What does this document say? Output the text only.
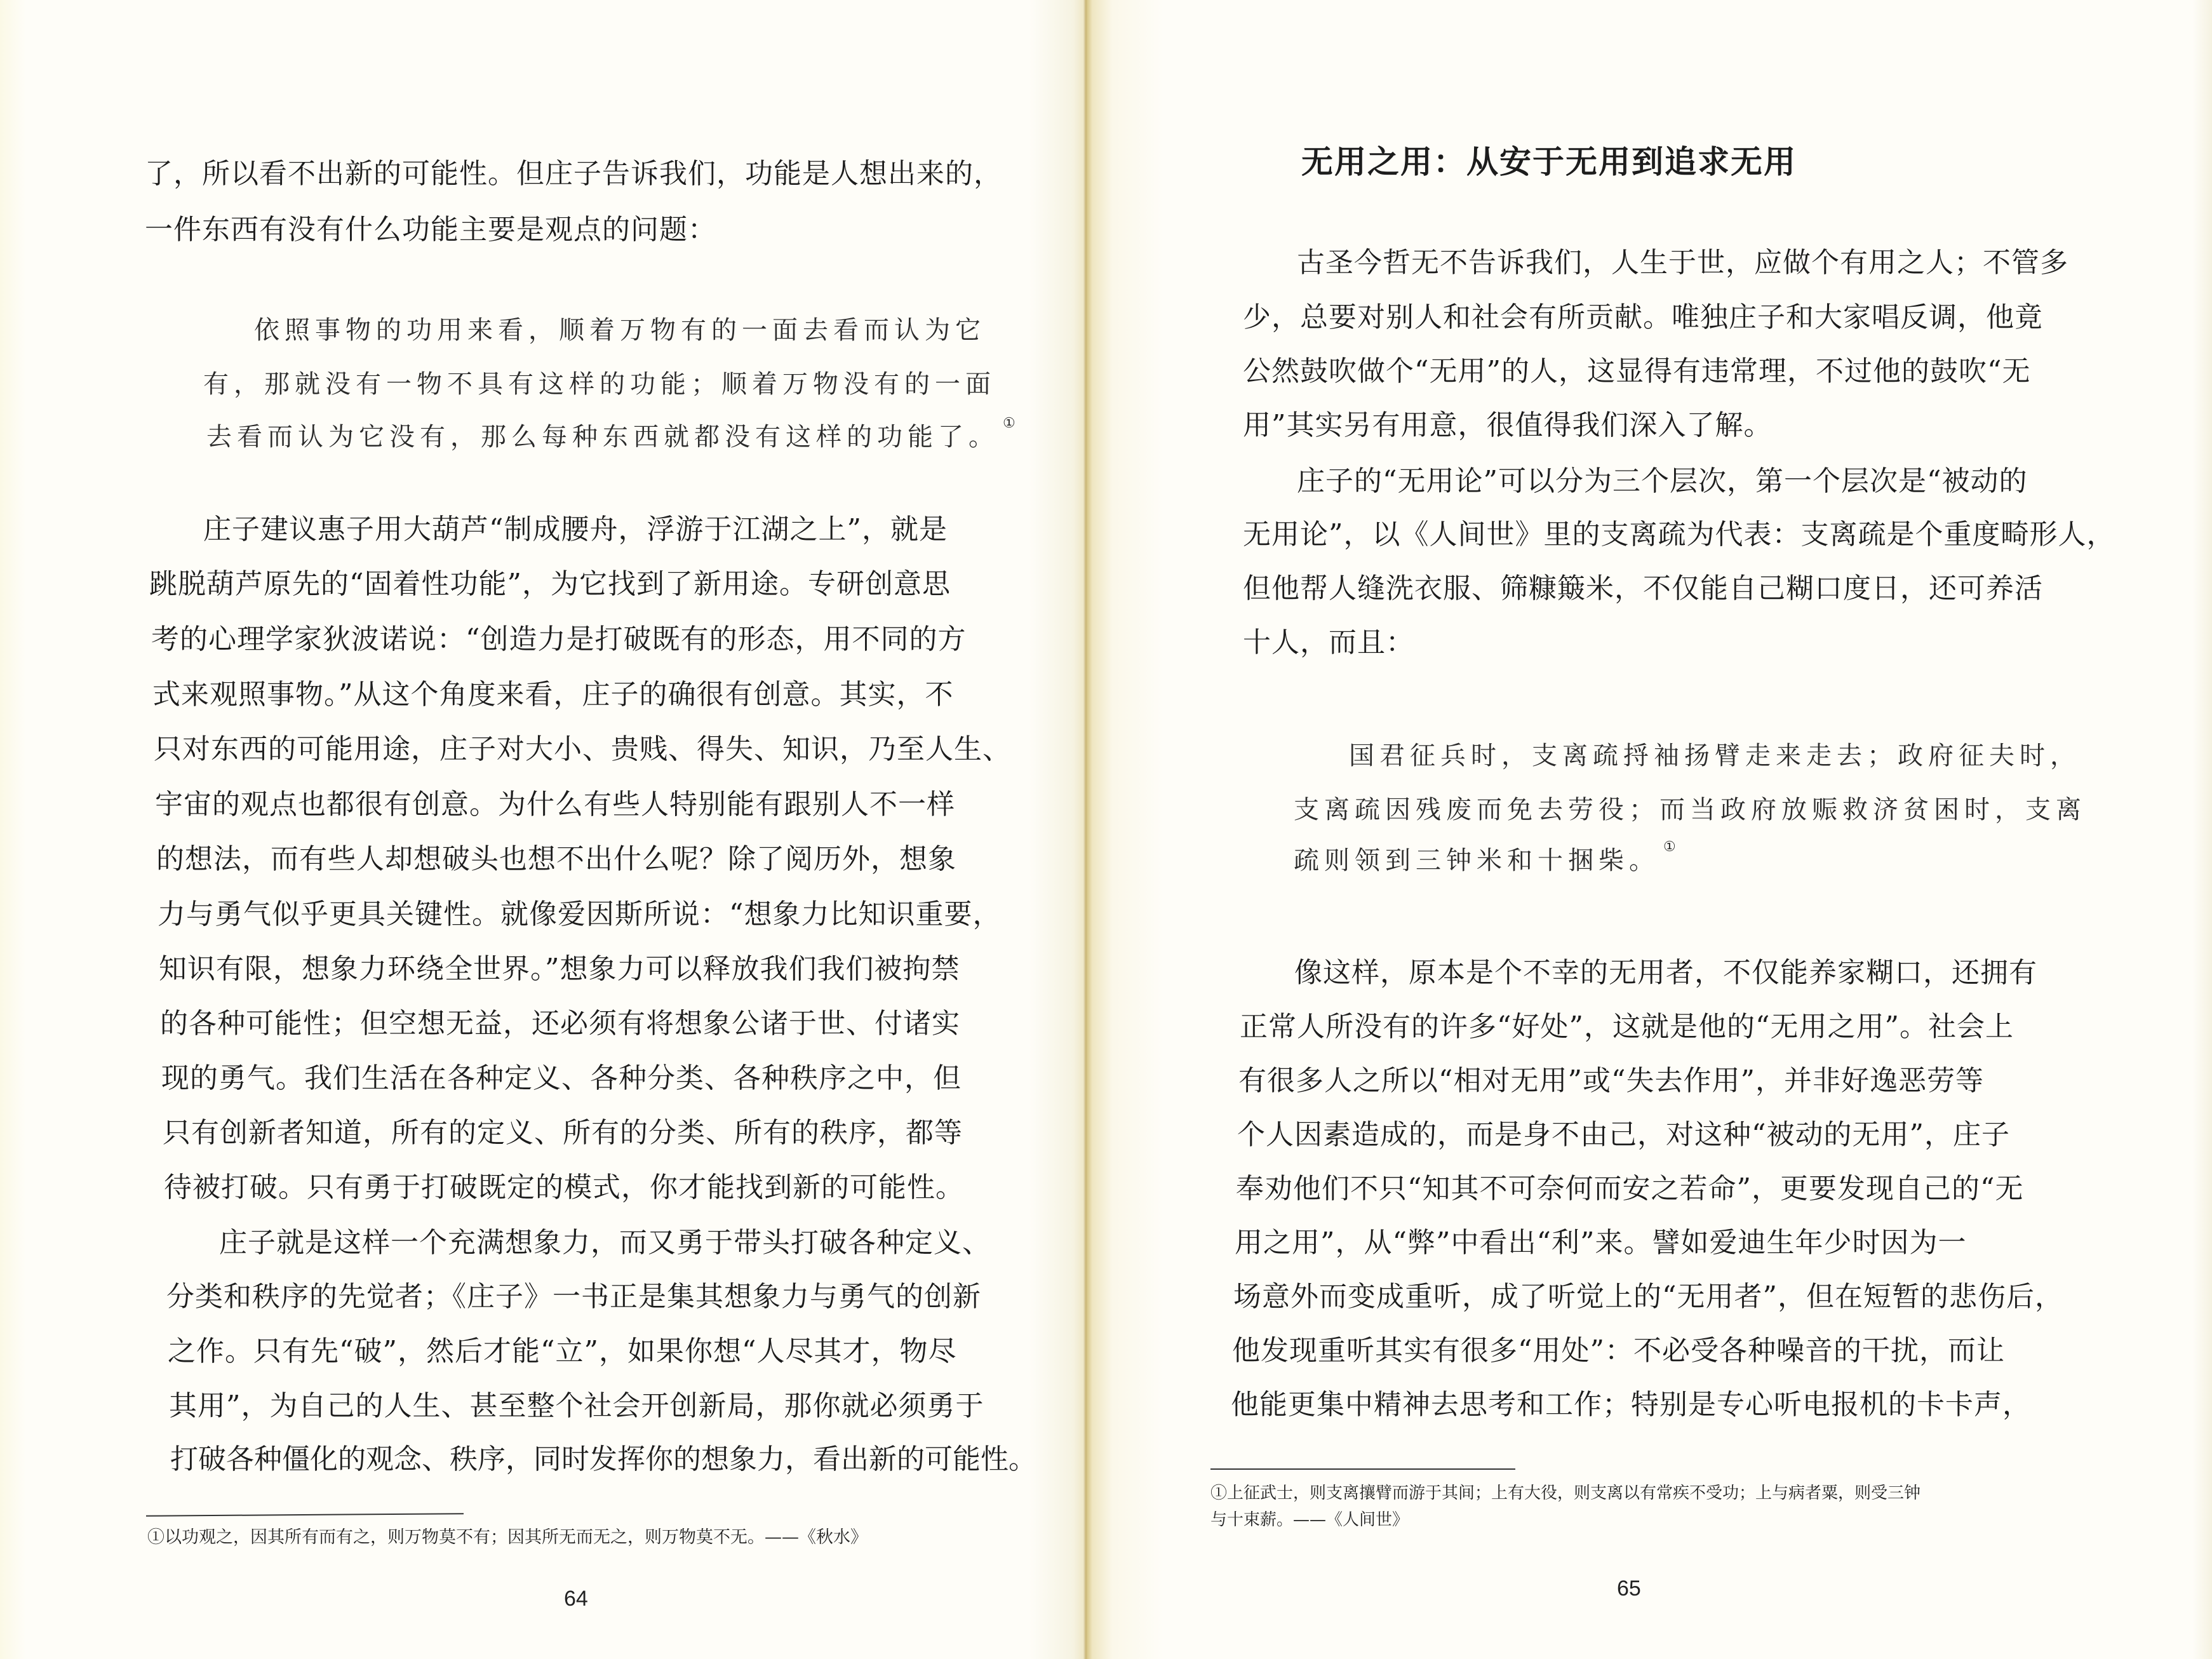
了，所以看不出新的可能性。但庄子告诉我们，功能是人想出来的，
一件东西有没有什么功能主要是观点的问题：
依照事物的功用来看，顺着万物有的一面去看而认为它
有，那就没有一物不具有这样的功能；顺着万物没有的一面
去看而认为它没有，那么每种东西就都没有这样的功能了。 ①
庄子建议惠子用大葫芦“制成腰舟，浮游于江湖之上”，就是
跳脱葫芦原先的“固着性功能”，为它找到了新用途。专研创意思
考的心理学家狄波诺说：“创造力是打破既有的形态，用不同的方
式来观照事物。”从这个角度来看，庄子的确很有创意。其实，不
只对东西的可能用途，庄子对大小、贵贱、得失、知识，乃至人生、
宇宙的观点也都很有创意。为什么有些人特别能有跟别人不一样
的想法，而有些人却想破头也想不出什么呢？除了阅历外，想象
力与勇气似乎更具关键性。就像爱因斯所说：“想象力比知识重要，
知识有限，想象力环绕全世界。”想象力可以释放我们我们被拘禁
的各种可能性；但空想无益，还必须有将想象公诸于世、付诸实
现的勇气。我们生活在各种定义、各种分类、各种秩序之中，但
只有创新者知道，所有的定义、所有的分类、所有的秩序，都等
待被打破。只有勇于打破既定的模式，你才能找到新的可能性。
庄子就是这样一个充满想象力，而又勇于带头打破各种定义、
分类和秩序的先觉者；《庄子》一书正是集其想象力与勇气的创新
之作。只有先“破”，然后才能“立”，如果你想“人尽其才，物尽
其用”，为自己的人生、甚至整个社会开创新局，那你就必须勇于
打破各种僵化的观念、秩序，同时发挥你的想象力，看出新的可能性。
①以功观之，因其所有而有之，则万物莫不有；因其所无而无之，则万物莫不无。——《秋水》
64
无用之用：从安于无用到追求无用
古圣今哲无不告诉我们，人生于世，应做个有用之人；不管多
少，总要对别人和社会有所贡献。唯独庄子和大家唱反调，他竟
公然鼓吹做个“无用”的人，这显得有违常理，不过他的鼓吹“无
用”其实另有用意，很值得我们深入了解。
庄子的“无用论”可以分为三个层次，第一个层次是“被动的
无用论”，以《人间世》里的支离疏为代表：支离疏是个重度畸形人，
但他帮人缝洗衣服、筛糠簸米，不仅能自己糊口度日，还可养活
十人，而且：
国君征兵时，支离疏捋袖扬臂走来走去；政府征夫时，
支离疏因残废而免去劳役；而当政府放赈救济贫困时，支离
疏则领到三钟米和十捆柴。 ①
像这样，原本是个不幸的无用者，不仅能养家糊口，还拥有
正常人所没有的许多“好处”，这就是他的“无用之用”。社会上
有很多人之所以“相对无用”或“失去作用”，并非好逸恶劳等
个人因素造成的，而是身不由己，对这种“被动的无用”，庄子
奉劝他们不只“知其不可奈何而安之若命”，更要发现自己的“无
用之用”，从“弊”中看出“利”来。譬如爱迪生年少时因为一
场意外而变成重听，成了听觉上的“无用者”，但在短暂的悲伤后，
他发现重听其实有很多“用处”：不必受各种噪音的干扰，而让
他能更集中精神去思考和工作；特别是专心听电报机的卡卡声，
①上征武士，则支离攘臂而游于其间；上有大役，则支离以有常疾不受功；上与病者粟，则受三钟
与十束薪。——《人间世》
65
